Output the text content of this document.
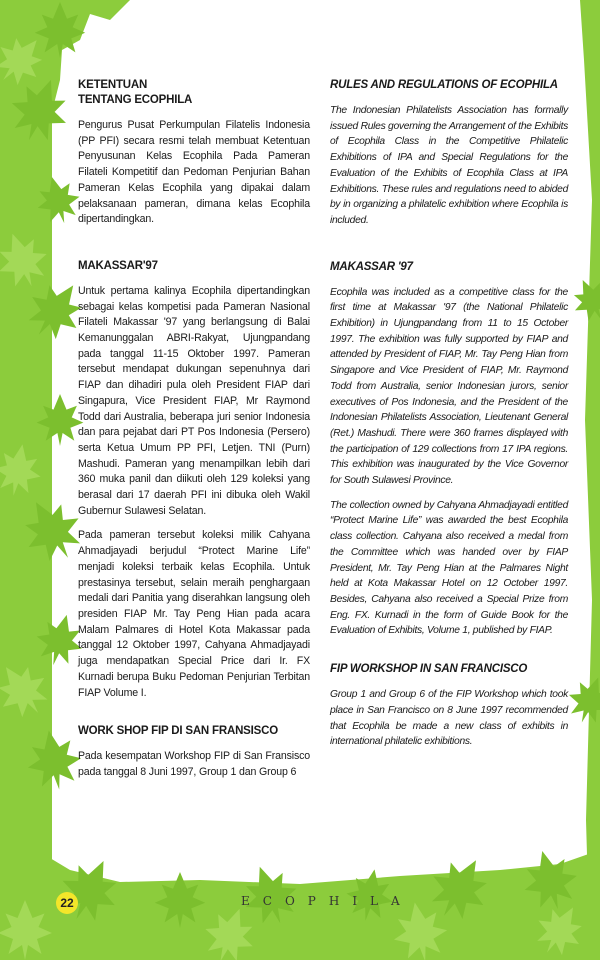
KETENTUAN
TENTANG ECOPHILA

Pengurus Pusat Perkumpulan Filatelis Indonesia (PP PFI) secara resmi telah membuat Ketentuan Penyusunan Kelas Ecophila Pada Pameran Filateli Kompetitif dan Pedoman Penjurian Bahan Pameran Kelas Ecophila yang dipakai dalam pelaksanaan pameran, dimana kelas Ecophila dipertandingkan.

MAKASSAR'97

Untuk pertama kalinya Ecophila dipertandingkan sebagai kelas kompetisi pada Pameran Nasional Filateli Makassar '97 yang berlangsung di Balai Kemanunggalan ABRI-Rakyat, Ujungpandang pada tanggal 11-15 Oktober 1997. Pameran tersebut mendapat dukungan sepenuhnya dari FIAP dan dihadiri pula oleh President FIAP dari Singapura, Vice President FIAP, Mr Raymond Todd dari Australia, beberapa juri senior Indonesia dan para pejabat dari PT Pos Indonesia (Persero) serta Ketua Umum PP PFI, Letjen. TNI (Purn) Mashudi. Pameran yang menampilkan lebih dari 360 muka panil dan diikuti oleh 129 koleksi yang berasal dari 17 daerah PFI ini dibuka oleh Wakil Gubernur Sulawesi Selatan.

Pada pameran tersebut koleksi milik Cahyana Ahmadjayadi berjudul “Protect Marine Life” menjadi koleksi terbaik kelas Ecophila. Untuk prestasinya tersebut, selain meraih penghargaan medali dari Panitia yang diserahkan langsung oleh presiden FIAP Mr. Tay Peng Hian pada acara Malam Palmares di Hotel Kota Makassar pada tanggal 12 Oktober 1997, Cahyana Ahmadjayadi juga mendapatkan Special Price dari Ir. FX Kurnadi berupa Buku Pedoman Penjurian Terbitan FIAP Volume I.

WORK SHOP FIP DI SAN FRANSISCO

Pada kesempatan Workshop FIP di San Fransisco pada tanggal 8 Juni 1997, Group 1 dan Group 6

RULES AND REGULATIONS OF ECOPHILA

The Indonesian Philatelists Association has formally issued Rules governing the Arrangement of the Exhibits of Ecophila Class in the Competitive Philatelic Exhibitions of IPA and Special Regulations for the Evaluation of the Exhibits of Ecophila Class at IPA Exhibitions. These rules and regulations need to abided by in organizing a philatelic exhibition where Ecophila is included.

MAKASSAR '97

Ecophila was included as a competitive class for the first time at Makassar '97 (the National Philatelic Exhibition) in Ujungpandang from 11 to 15 October 1997. The exhibition was fully supported by FIAP and attended by President of FIAP, Mr. Tay Peng Hian from Singapore and Vice President of FIAP, Mr. Raymond Todd from Australia, senior Indonesian jurors, senior executives of Pos Indonesia, and the President of the Indonesian Philatelists Association, Lieutenant General (Ret.) Mashudi. There were 360 frames displayed with the participation of 129 collections from 17 IPA regions. This exhibition was inaugurated by the Vice Governor for South Sulawesi Province.

The collection owned by Cahyana Ahmadjayadi entitled “Protect Marine Life” was awarded the best Ecophila class collection. Cahyana also received a medal from the Committee which was handed over by FIAP President, Mr. Tay Peng Hian at the Palmares Night held at Kota Makassar Hotel on 12 October 1997. Besides, Cahyana also received a Special Prize from Eng. FX. Kurnadi in the form of Guide Book for the Evaluation of Exhibits, Volume 1, published by FIAP.

FIP WORKSHOP IN SAN FRANCISCO

Group 1 and Group 6 of the FIP Workshop which took place in San Francisco on 8 June 1997 recommended that Ecophila be made a new class of exhibits in international philatelic exhibitions.

22	ECOPHILA
